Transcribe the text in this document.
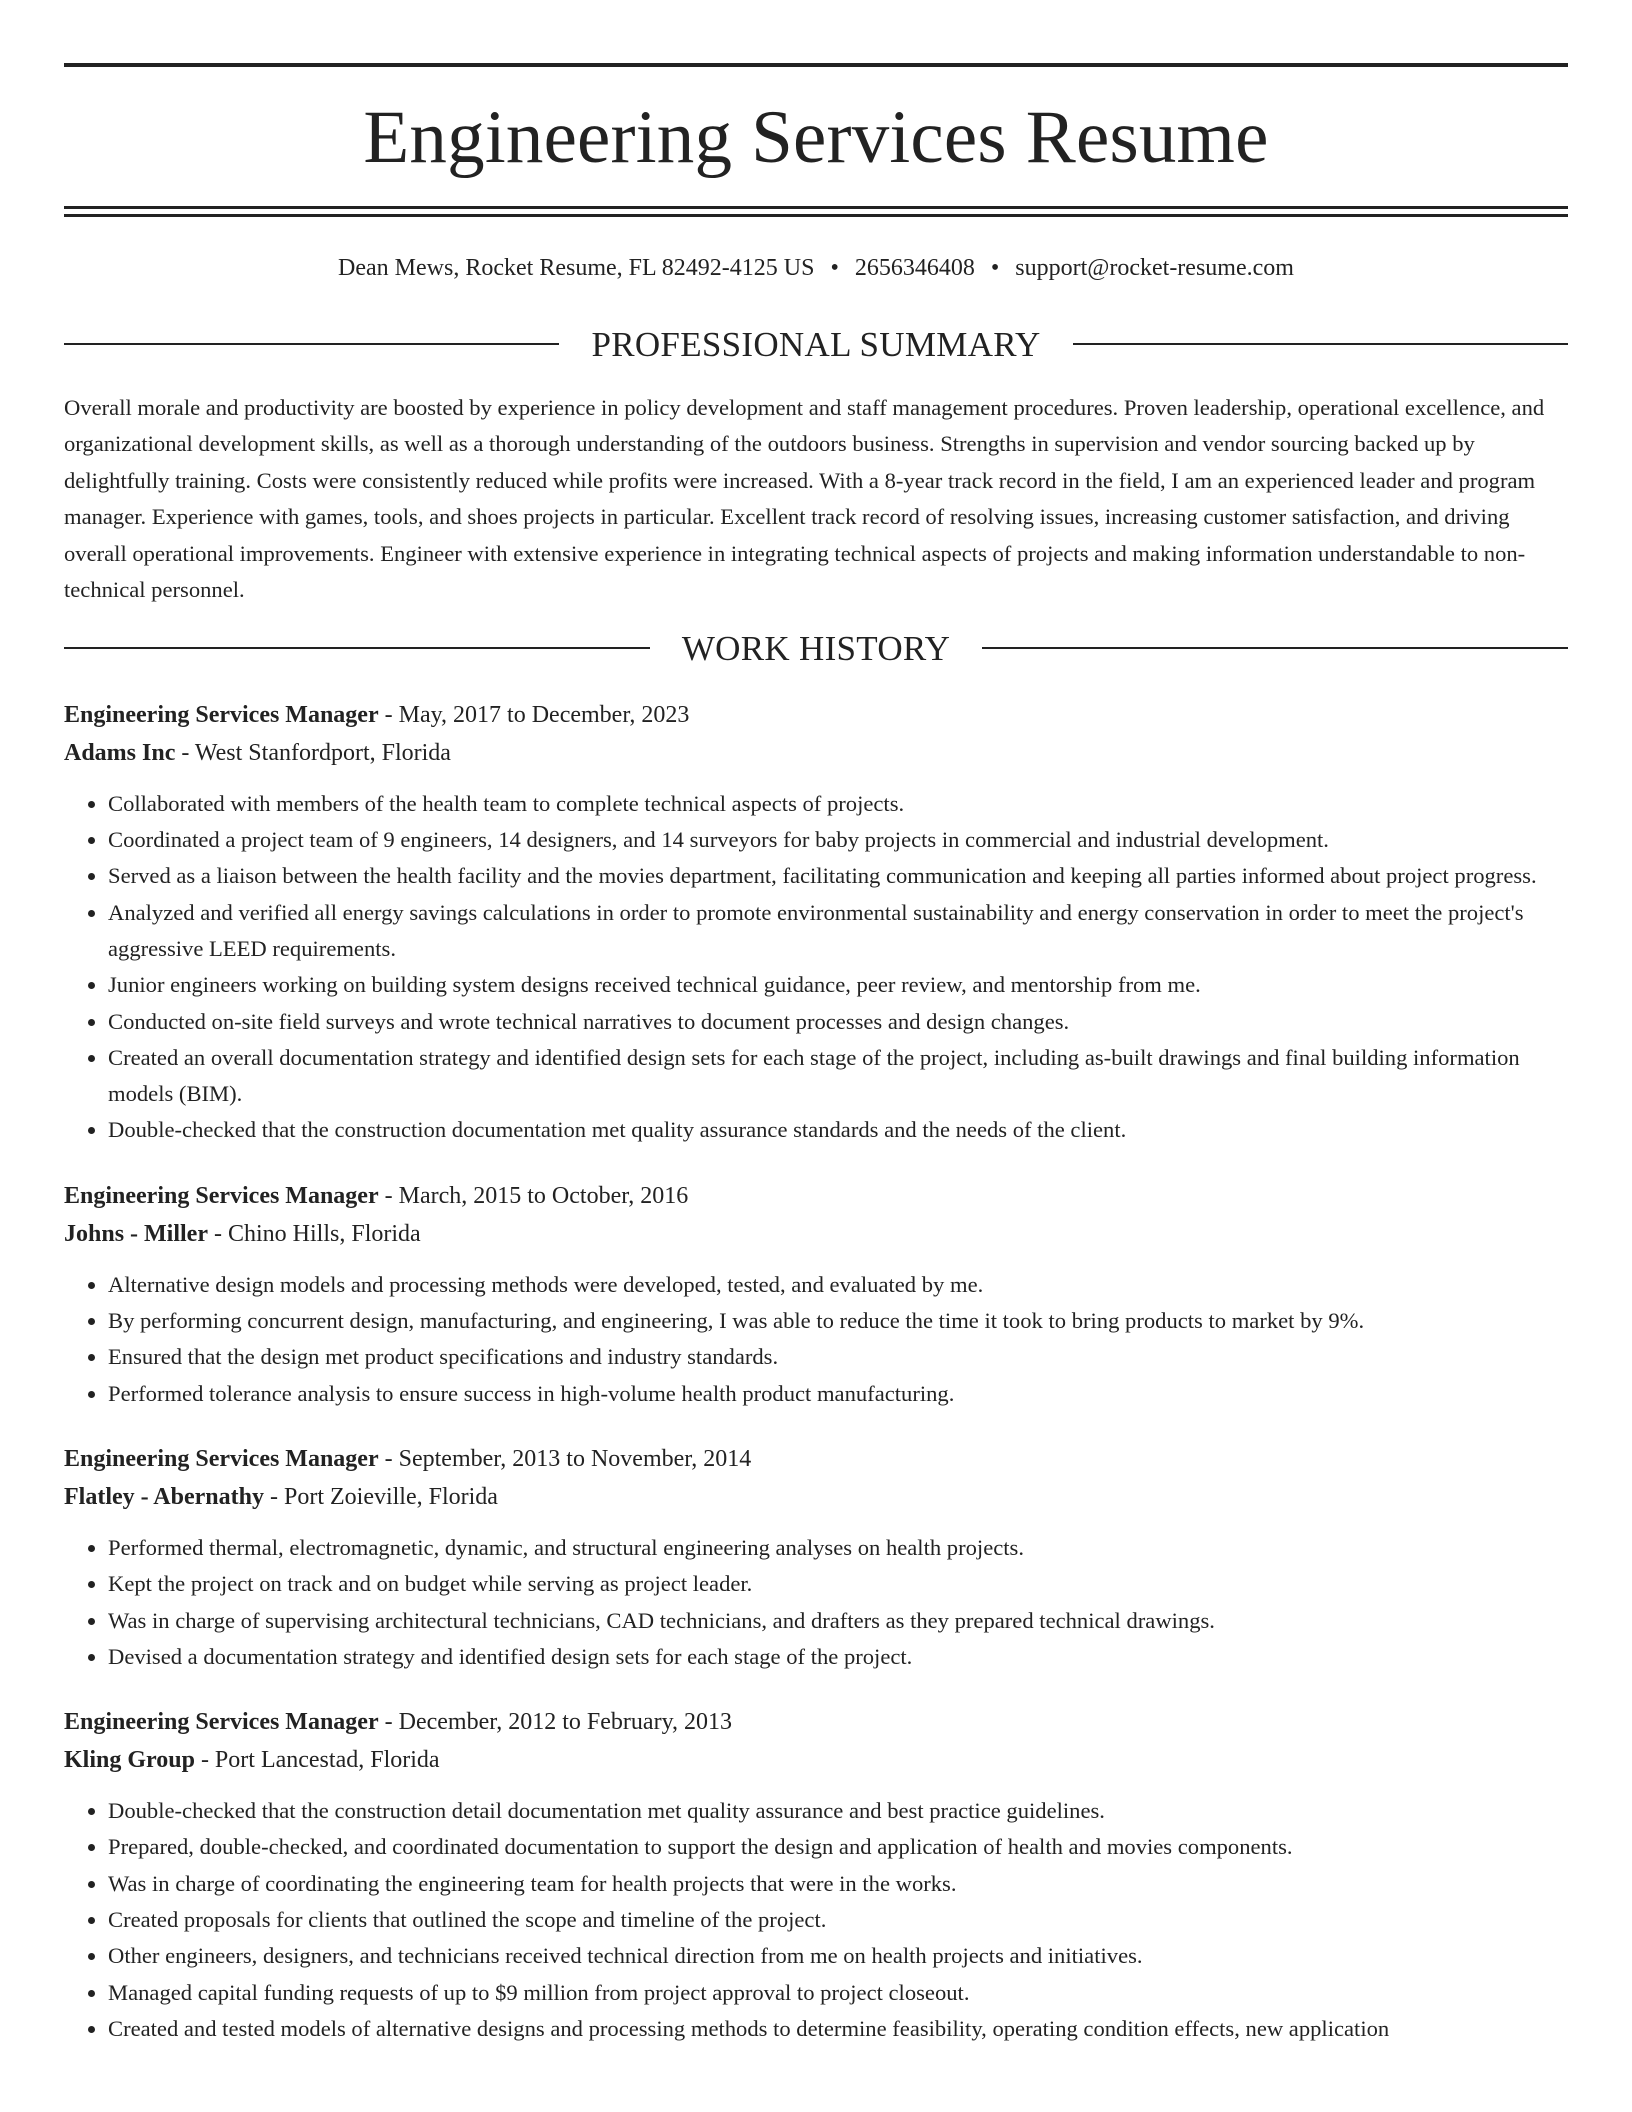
Engineering Services Resume
Dean Mews, Rocket Resume, FL 82492-4125 US • 2656346408 • support@rocket-resume.com
PROFESSIONAL SUMMARY
Overall morale and productivity are boosted by experience in policy development and staff management procedures. Proven leadership, operational excellence, and organizational development skills, as well as a thorough understanding of the outdoors business. Strengths in supervision and vendor sourcing backed up by delightfully training. Costs were consistently reduced while profits were increased. With a 8-year track record in the field, I am an experienced leader and program manager. Experience with games, tools, and shoes projects in particular. Excellent track record of resolving issues, increasing customer satisfaction, and driving overall operational improvements. Engineer with extensive experience in integrating technical aspects of projects and making information understandable to non-technical personnel.
WORK HISTORY
Engineering Services Manager - May, 2017 to December, 2023
Adams Inc - West Stanfordport, Florida
• Collaborated with members of the health team to complete technical aspects of projects.
• Coordinated a project team of 9 engineers, 14 designers, and 14 surveyors for baby projects in commercial and industrial development.
• Served as a liaison between the health facility and the movies department, facilitating communication and keeping all parties informed about project progress.
• Analyzed and verified all energy savings calculations in order to promote environmental sustainability and energy conservation in order to meet the project's aggressive LEED requirements.
• Junior engineers working on building system designs received technical guidance, peer review, and mentorship from me.
• Conducted on-site field surveys and wrote technical narratives to document processes and design changes.
• Created an overall documentation strategy and identified design sets for each stage of the project, including as-built drawings and final building information models (BIM).
• Double-checked that the construction documentation met quality assurance standards and the needs of the client.
Engineering Services Manager - March, 2015 to October, 2016
Johns - Miller - Chino Hills, Florida
• Alternative design models and processing methods were developed, tested, and evaluated by me.
• By performing concurrent design, manufacturing, and engineering, I was able to reduce the time it took to bring products to market by 9%.
• Ensured that the design met product specifications and industry standards.
• Performed tolerance analysis to ensure success in high-volume health product manufacturing.
Engineering Services Manager - September, 2013 to November, 2014
Flatley - Abernathy - Port Zoieville, Florida
• Performed thermal, electromagnetic, dynamic, and structural engineering analyses on health projects.
• Kept the project on track and on budget while serving as project leader.
• Was in charge of supervising architectural technicians, CAD technicians, and drafters as they prepared technical drawings.
• Devised a documentation strategy and identified design sets for each stage of the project.
Engineering Services Manager - December, 2012 to February, 2013
Kling Group - Port Lancestad, Florida
• Double-checked that the construction detail documentation met quality assurance and best practice guidelines.
• Prepared, double-checked, and coordinated documentation to support the design and application of health and movies components.
• Was in charge of coordinating the engineering team for health projects that were in the works.
• Created proposals for clients that outlined the scope and timeline of the project.
• Other engineers, designers, and technicians received technical direction from me on health projects and initiatives.
• Managed capital funding requests of up to $9 million from project approval to project closeout.
• Created and tested models of alternative designs and processing methods to determine feasibility, operating condition effects, new application
